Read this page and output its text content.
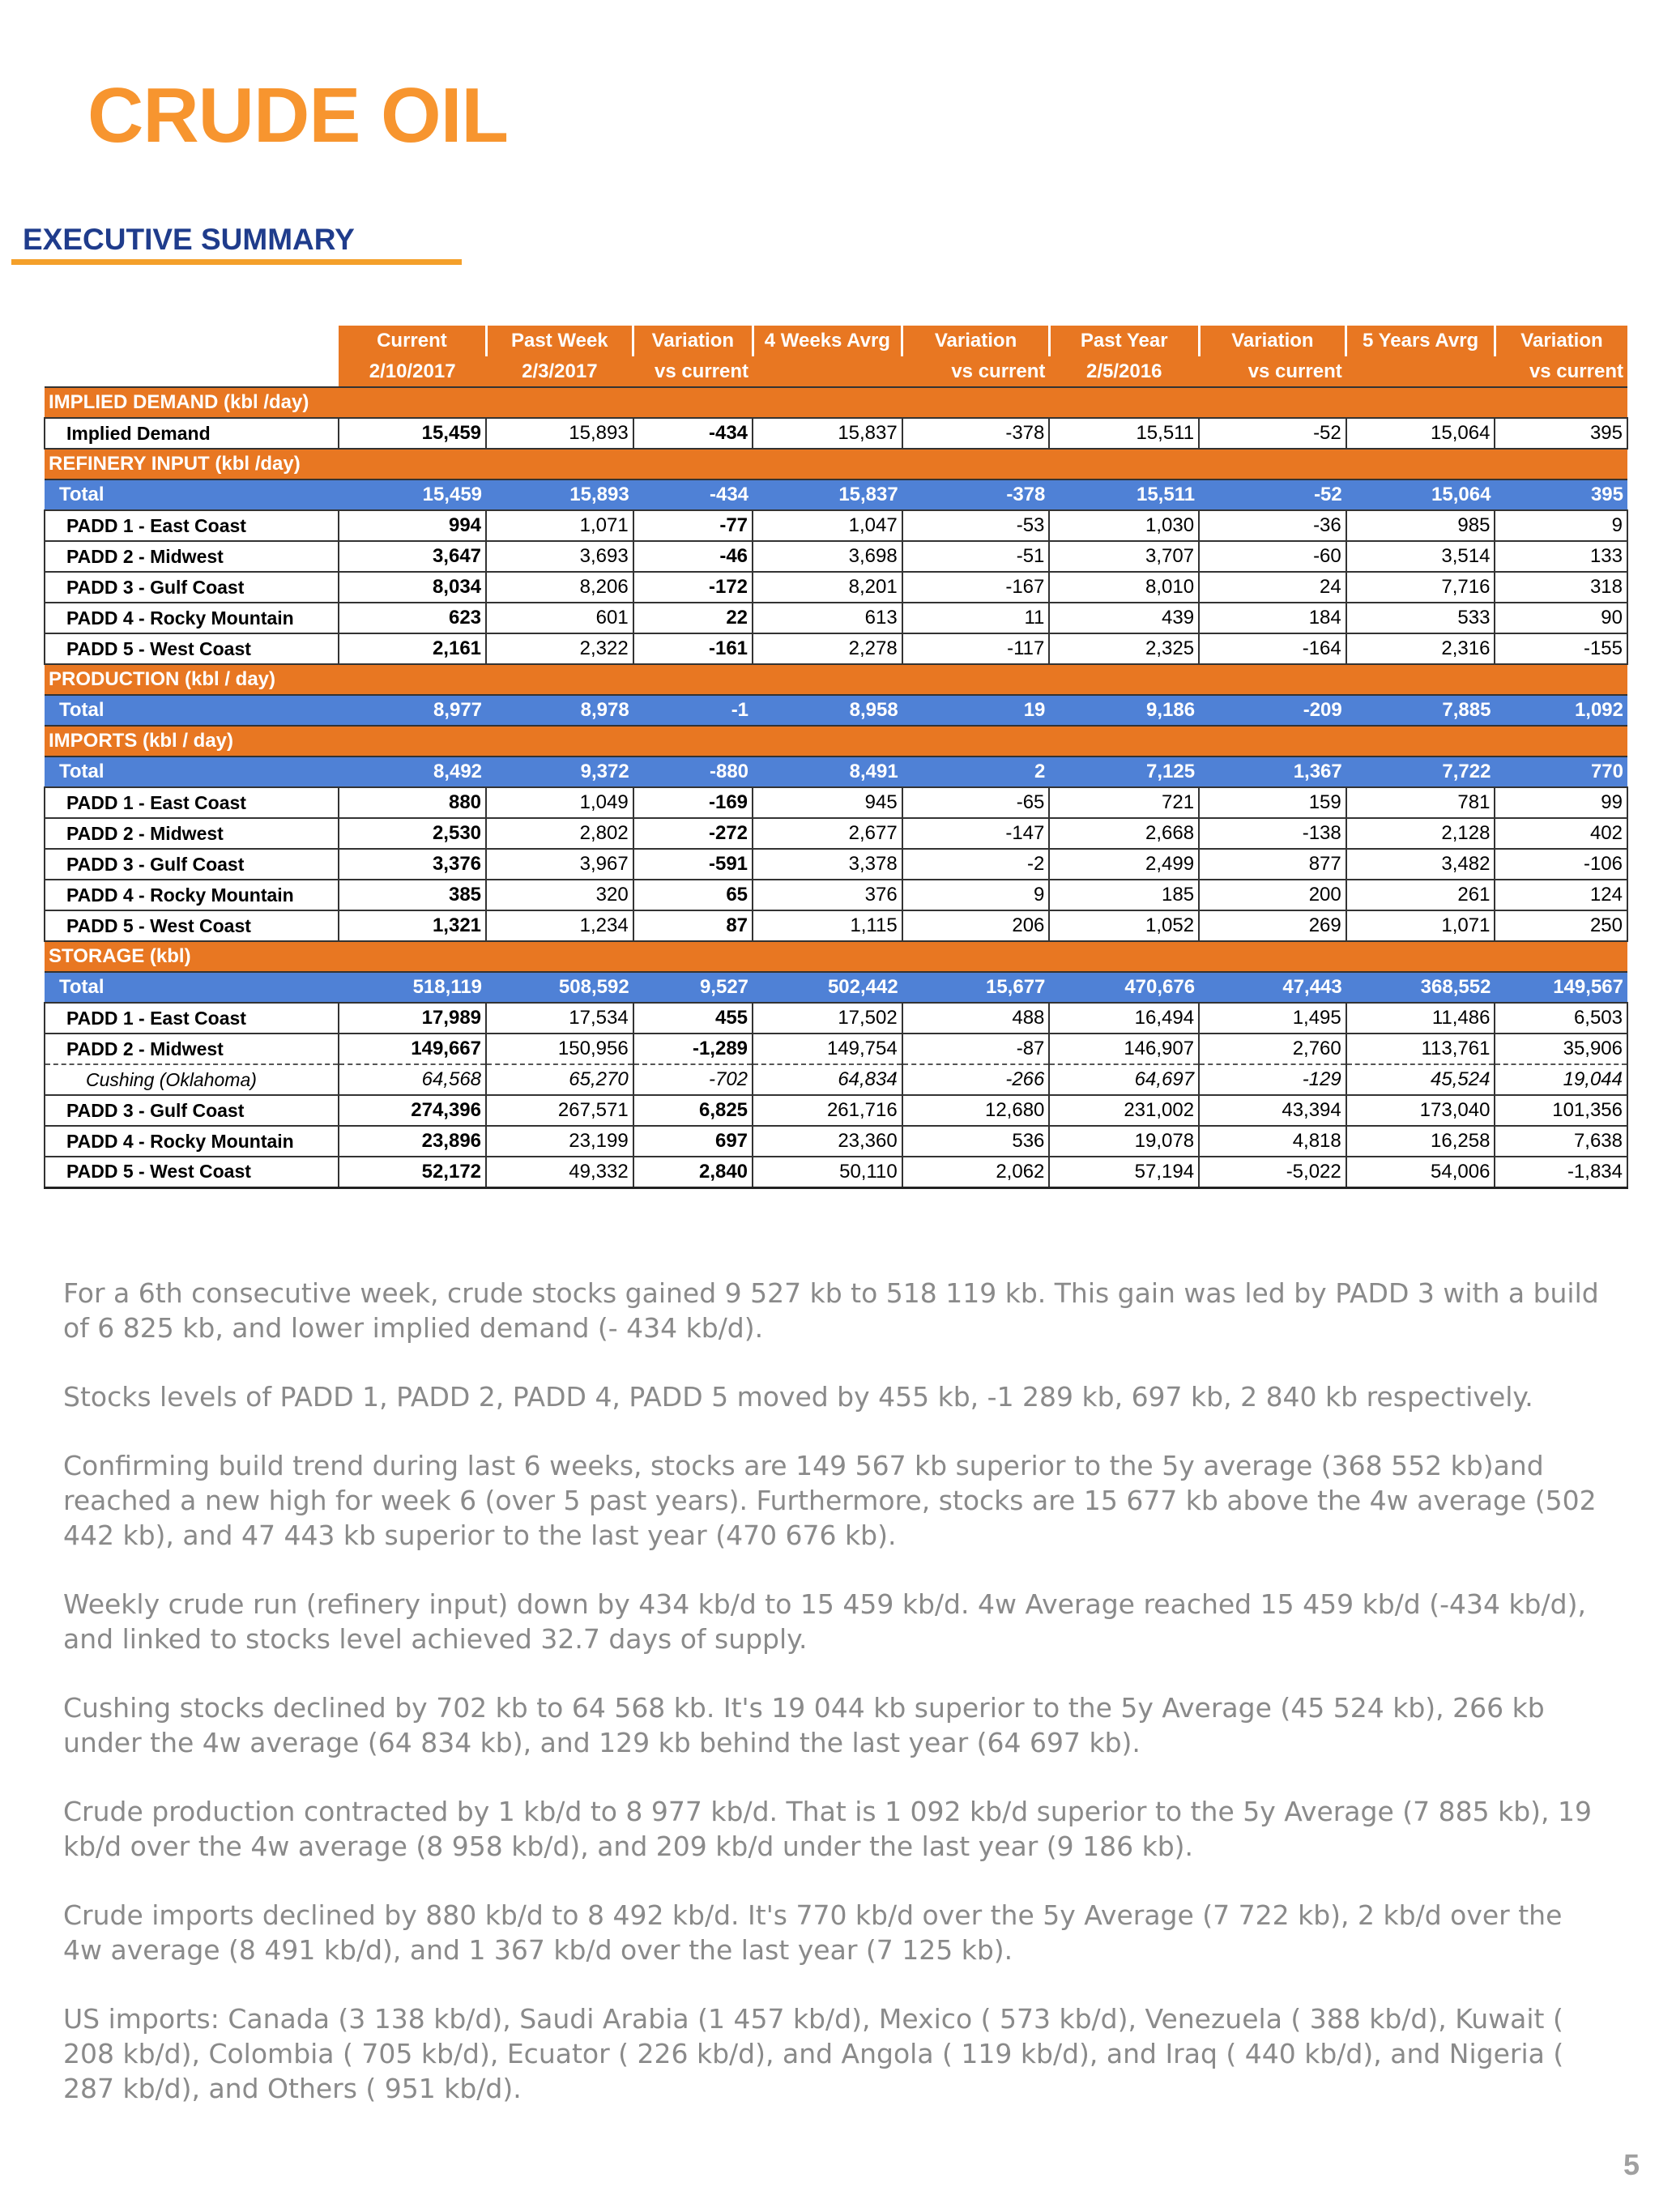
CRUDE OIL
EXECUTIVE SUMMARY
	Current	Past Week	Variation	4 Weeks Avrg	Variation	Past Year	Variation	5 Years Avrg	Variation
	2/10/2017	2/3/2017	vs current		vs current	2/5/2016	vs current		vs current
IMPLIED DEMAND (kbl /day)									
Implied Demand	15,459	15,893	-434	15,837	-378	15,511	-52	15,064	395
REFINERY INPUT (kbl /day)									
Total	15,459	15,893	-434	15,837	-378	15,511	-52	15,064	395
PADD 1 - East Coast	994	1,071	-77	1,047	-53	1,030	-36	985	9
PADD 2 - Midwest	3,647	3,693	-46	3,698	-51	3,707	-60	3,514	133
PADD 3 - Gulf Coast	8,034	8,206	-172	8,201	-167	8,010	24	7,716	318
PADD 4 - Rocky Mountain	623	601	22	613	11	439	184	533	90
PADD 5 - West Coast	2,161	2,322	-161	2,278	-117	2,325	-164	2,316	-155
PRODUCTION (kbl / day)									
Total	8,977	8,978	-1	8,958	19	9,186	-209	7,885	1,092
IMPORTS (kbl / day)									
Total	8,492	9,372	-880	8,491	2	7,125	1,367	7,722	770
PADD 1 - East Coast	880	1,049	-169	945	-65	721	159	781	99
PADD 2 - Midwest	2,530	2,802	-272	2,677	-147	2,668	-138	2,128	402
PADD 3 - Gulf Coast	3,376	3,967	-591	3,378	-2	2,499	877	3,482	-106
PADD 4 - Rocky Mountain	385	320	65	376	9	185	200	261	124
PADD 5 - West Coast	1,321	1,234	87	1,115	206	1,052	269	1,071	250
STORAGE (kbl)									
Total	518,119	508,592	9,527	502,442	15,677	470,676	47,443	368,552	149,567
PADD 1 - East Coast	17,989	17,534	455	17,502	488	16,494	1,495	11,486	6,503
PADD 2 - Midwest	149,667	150,956	-1,289	149,754	-87	146,907	2,760	113,761	35,906
Cushing (Oklahoma)	64,568	65,270	-702	64,834	-266	64,697	-129	45,524	19,044
PADD 3 - Gulf Coast	274,396	267,571	6,825	261,716	12,680	231,002	43,394	173,040	101,356
PADD 4 - Rocky Mountain	23,896	23,199	697	23,360	536	19,078	4,818	16,258	7,638
PADD 5 - West Coast	52,172	49,332	2,840	50,110	2,062	57,194	-5,022	54,006	-1,834

For a 6th consecutive week, crude stocks gained 9 527 kb to 518 119 kb. This gain was led by PADD 3 with a build of 6 825 kb, and lower implied demand (- 434 kb/d).

Stocks levels of PADD 1, PADD 2, PADD 4, PADD 5 moved by 455 kb, -1 289 kb, 697 kb, 2 840 kb respectively.

Confirming build trend during last 6 weeks, stocks are 149 567 kb superior to the 5y average (368 552 kb)and reached a new high for week 6 (over 5 past years). Furthermore, stocks are 15 677 kb above the 4w average (502 442 kb), and 47 443 kb superior to the last year (470 676 kb).

Weekly crude run (refinery input) down by 434 kb/d to 15 459 kb/d. 4w Average reached 15 459 kb/d (-434 kb/d), and linked to stocks level achieved 32.7 days of supply.

Cushing stocks declined by 702 kb to 64 568 kb. It's 19 044 kb superior to the 5y Average (45 524 kb), 266 kb under the 4w average (64 834 kb), and 129 kb behind the last year (64 697 kb).

Crude production contracted by 1 kb/d to 8 977 kb/d. That is 1 092 kb/d superior to the 5y Average (7 885 kb), 19 kb/d over the 4w average (8 958 kb/d), and 209 kb/d under the last year (9 186 kb).

Crude imports declined by 880 kb/d to 8 492 kb/d. It's 770 kb/d over the 5y Average (7 722 kb), 2 kb/d over the 4w average (8 491 kb/d), and 1 367 kb/d over the last year (7 125 kb).

US imports: Canada (3 138 kb/d), Saudi Arabia (1 457 kb/d), Mexico ( 573 kb/d), Venezuela ( 388 kb/d), Kuwait ( 208 kb/d), Colombia ( 705 kb/d), Ecuator ( 226 kb/d), and Angola ( 119 kb/d), and Iraq ( 440 kb/d), and Nigeria ( 287 kb/d), and Others ( 951 kb/d).

5
